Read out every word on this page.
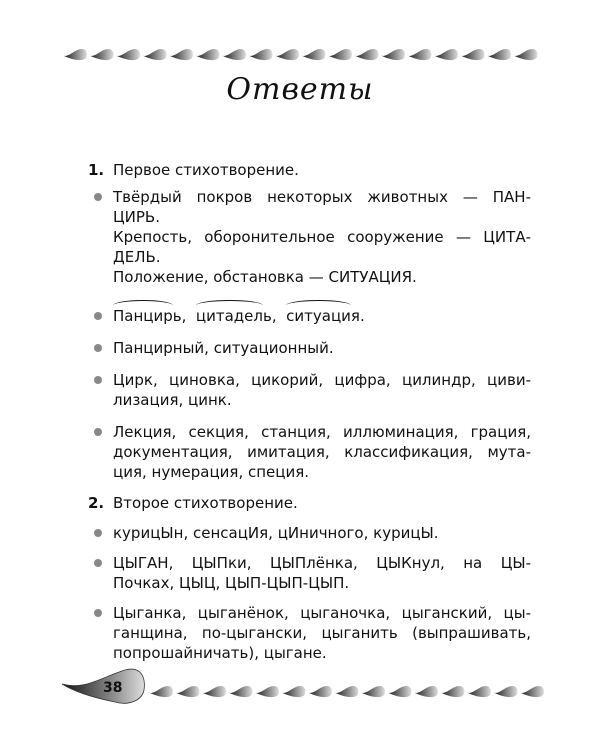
Ответы
1. Первое стихотворение.
Твёрдый покров некоторых животных — ПАН-
ЦИРЬ.
Крепость, оборонительное сооружение — ЦИТА-
ДЕЛЬ.
Положение, обстановка — СИТУАЦИЯ.
Панцирь, цитадель, ситуация.
Панцирный, ситуационный.
Цирк, циновка, цикорий, цифра, цилиндр, циви-
лизация, цинк.
Лекция, секция, станция, иллюминация, грация,
документация, имитация, классификация, мута-
ция, нумерация, специя.
2. Второе стихотворение.
курицЫн, сенсацИя, цИничного, курицЫ.
ЦЫГАН, ЦЫПки, ЦЫПлёнка, ЦЫКнул, на ЦЫ-
Почках, ЦЫЦ, ЦЫП-ЦЫП-ЦЫП.
Цыганка, цыганёнок, цыганочка, цыганский, цы-
ганщина, по-цыгански, цыганить (выпрашивать,
попрошайничать), цыгане.
38
